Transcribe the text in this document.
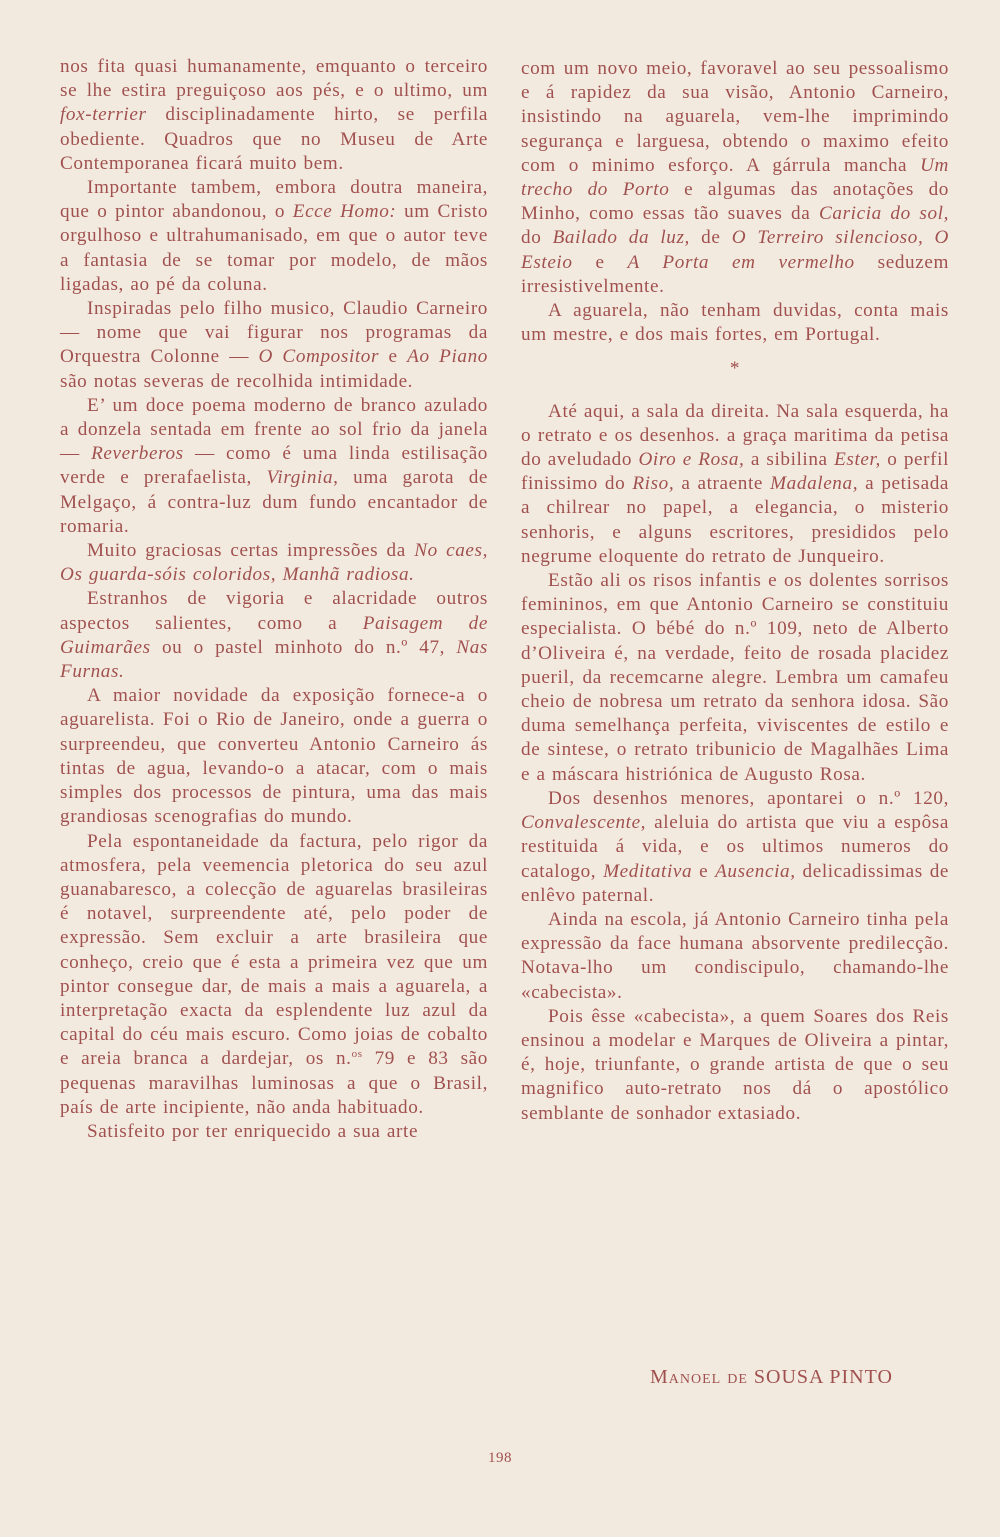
nos fita quasi humanamente, emquanto o terceiro se lhe estira preguiçoso aos pés, e o ultimo, um fox-terrier disciplinadamente hirto, se perfila obediente. Quadros que no Museu de Arte Contemporanea ficará muito bem.

Importante tambem, embora doutra maneira, que o pintor abandonou, o Ecce Homo: um Cristo orgulhoso e ultrahumanisado, em que o autor teve a fantasia de se tomar por modelo, de mãos ligadas, ao pé da coluna.

Inspiradas pelo filho musico, Claudio Carneiro — nome que vai figurar nos programas da Orquestra Colonne — O Compositor e Ao Piano são notas severas de recolhida intimidade.

E’ um doce poema moderno de branco azulado a donzela sentada em frente ao sol frio da janela — Reverberos — como é uma linda estilisação verde e prerafaelista, Virginia, uma garota de Melgaço, á contra-luz dum fundo encantador de romaria.

Muito graciosas certas impressões da No caes, Os guarda-sóis coloridos, Manhã radiosa.

Estranhos de vigoria e alacridade outros aspectos salientes, como a Paisagem de Guimarães ou o pastel minhoto do n.º 47, Nas Furnas.

A maior novidade da exposição fornece-a o aguarelista. Foi o Rio de Janeiro, onde a guerra o surpreendeu, que converteu Antonio Carneiro ás tintas de agua, levando-o a atacar, com o mais simples dos processos de pintura, uma das mais grandiosas scenografias do mundo.

Pela espontaneidade da factura, pelo rigor da atmosfera, pela veemencia pletorica do seu azul guanabaresco, a colecção de aguarelas brasileiras é notavel, surpreendente até, pelo poder de expressão. Sem excluir a arte brasileira que conheço, creio que é esta a primeira vez que um pintor consegue dar, de mais a mais a aguarela, a interpretação exacta da esplendente luz azul da capital do céu mais escuro. Como joias de cobalto e areia branca a dardejar, os n.$^{os}$ 79 e 83 são pequenas maravilhas luminosas a que o Brasil, país de arte incipiente, não anda habituado.

Satisfeito por ter enriquecido a sua arte

com um novo meio, favoravel ao seu pessoalismo e á rapidez da sua visão, Antonio Carneiro, insistindo na aguarela, vem-lhe imprimindo segurança e larguesa, obtendo o maximo efeito com o minimo esforço. A gárrula mancha Um trecho do Porto e algumas das anotações do Minho, como essas tão suaves da Caricia do sol, do Bailado da luz, de O Terreiro silencioso, O Esteio e A Porta em vermelho seduzem irresistivelmente.

A aguarela, não tenham duvidas, conta mais um mestre, e dos mais fortes, em Portugal.

*

Até aqui, a sala da direita. Na sala esquerda, ha o retrato e os desenhos. a graça maritima da petisa do aveludado Oiro e Rosa, a sibilina Ester, o perfil finissimo do Riso, a atraente Madalena, a petisada a chilrear no papel, a elegancia, o misterio senhoris, e alguns escritores, presididos pelo negrume eloquente do retrato de Junqueiro.

Estão ali os risos infantis e os dolentes sorrisos femininos, em que Antonio Carneiro se constituiu especialista. O bébé do n.º 109, neto de Alberto d’Oliveira é, na verdade, feito de rosada placidez pueril, da recemcarne alegre. Lembra um camafeu cheio de nobresa um retrato da senhora idosa. São duma semelhança perfeita, viviscentes de estilo e de sintese, o retrato tribunicio de Magalhães Lima e a máscara histriónica de Augusto Rosa.

Dos desenhos menores, apontarei o n.º 120, Convalescente, aleluia do artista que viu a espôsa restituida á vida, e os ultimos numeros do catalogo, Meditativa e Ausencia, delicadissimas de enlêvo paternal.

Ainda na escola, já Antonio Carneiro tinha pela expressão da face humana absorvente predilecção. Notava-lho um condiscipulo, chamando-lhe «cabecista».

Pois êsse «cabecista», a quem Soares dos Reis ensinou a modelar e Marques de Oliveira a pintar, é, hoje, triunfante, o grande artista de que o seu magnifico auto-retrato nos dá o apostólico semblante de sonhador extasiado.

Manoel de SOUSA PINTO
198
